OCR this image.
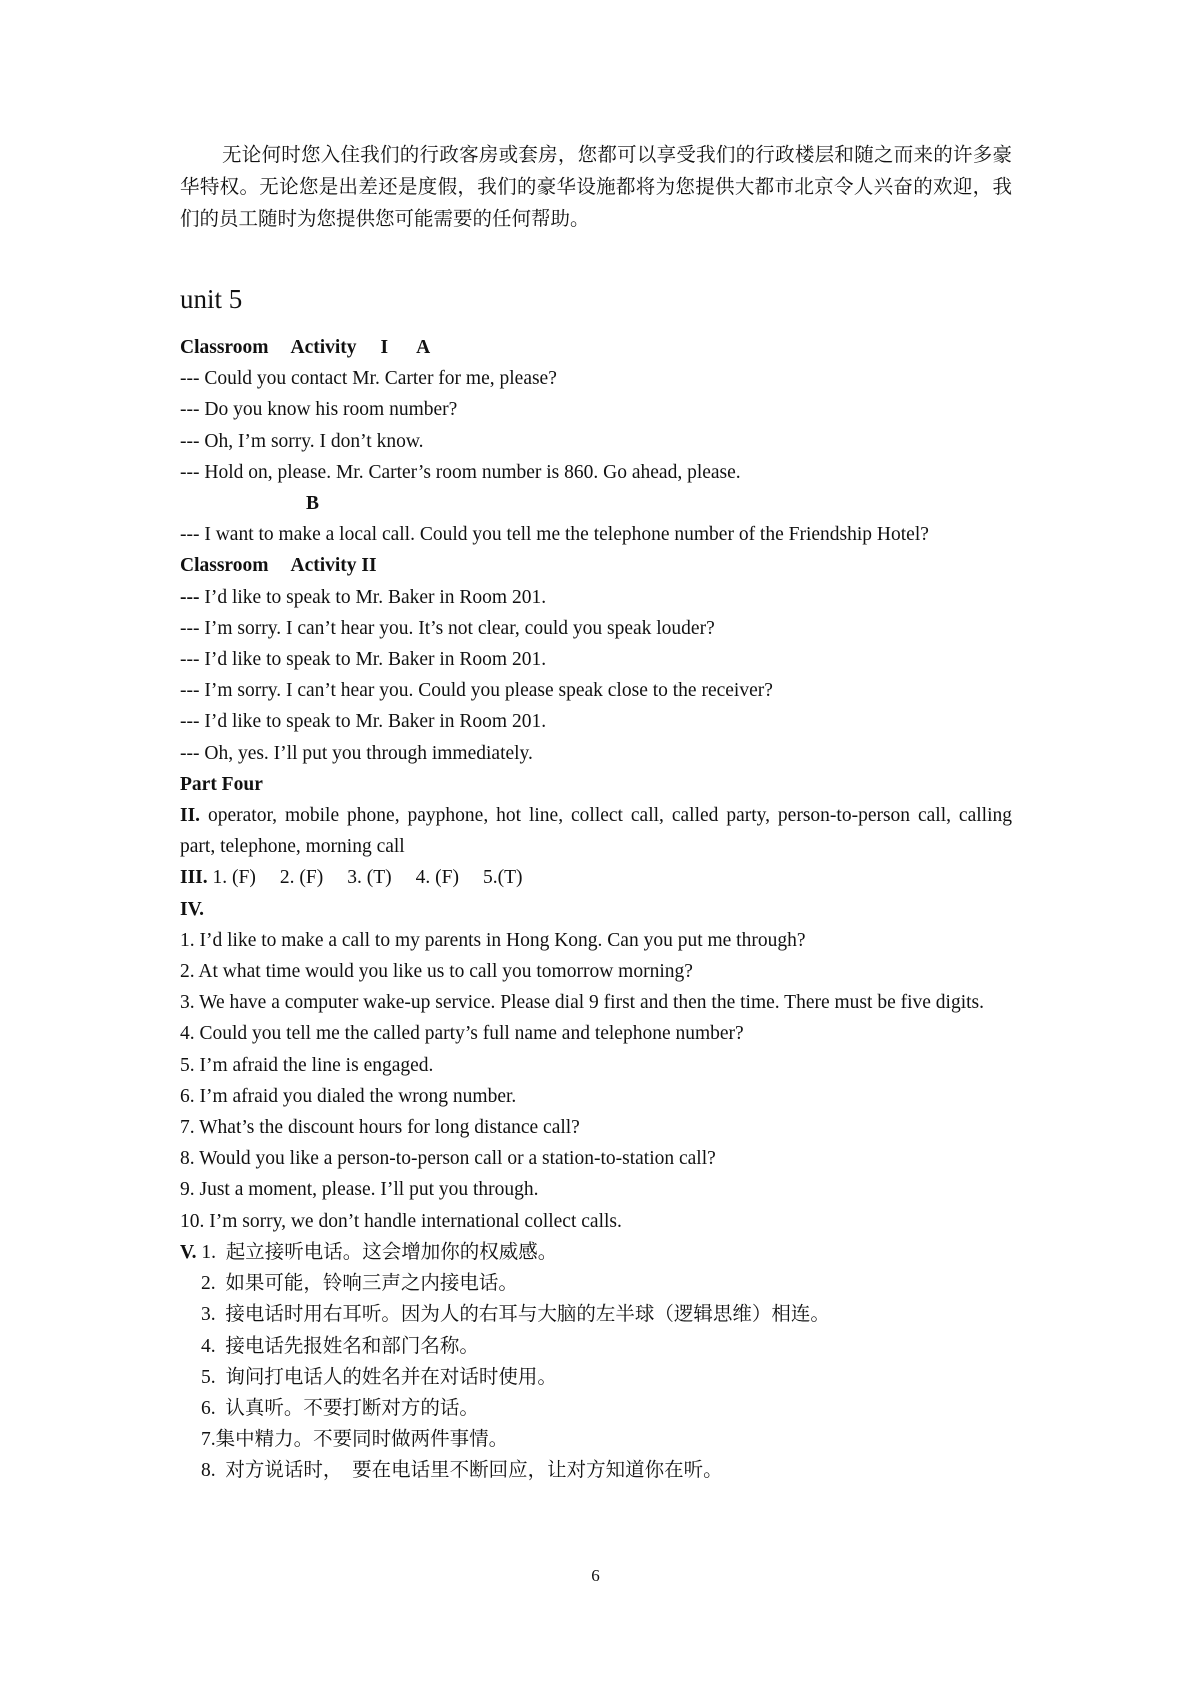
无论何时您入住我们的行政客房或套房，您都可以享受我们的行政楼层和随之而来的许多豪华特权。无论您是出差还是度假，我们的豪华设施都将为您提供大都市北京令人兴奋的欢迎，我们的员工随时为您提供您可能需要的任何帮助。

unit 5
Classroom Activity I A
--- Could you contact Mr. Carter for me, please?
--- Do you know his room number?
--- Oh, I’m sorry. I don’t know.
--- Hold on, please. Mr. Carter’s room number is 860. Go ahead, please.
B
--- I want to make a local call. Could you tell me the telephone number of the Friendship Hotel?
Classroom Activity II
--- I’d like to speak to Mr. Baker in Room 201.
--- I’m sorry. I can’t hear you. It’s not clear, could you speak louder?
--- I’d like to speak to Mr. Baker in Room 201.
--- I’m sorry. I can’t hear you. Could you please speak close to the receiver?
--- I’d like to speak to Mr. Baker in Room 201.
--- Oh, yes. I’ll put you through immediately.
Part Four
II. operator, mobile phone, payphone, hot line, collect call, called party, person-to-person call, calling part, telephone, morning call
III. 1. (F) 2. (F) 3. (T) 4. (F) 5.(T)
IV.
1. I’d like to make a call to my parents in Hong Kong. Can you put me through?
2. At what time would you like us to call you tomorrow morning?
3. We have a computer wake-up service. Please dial 9 first and then the time. There must be five digits.
4. Could you tell me the called party’s full name and telephone number?
5. I’m afraid the line is engaged.
6. I’m afraid you dialed the wrong number.
7. What’s the discount hours for long distance call?
8. Would you like a person-to-person call or a station-to-station call?
9. Just a moment, please. I’ll put you through.
10. I’m sorry, we don’t handle international collect calls.
V. 1.  起立接听电话。这会增加你的权威感。
2.  如果可能，铃响三声之内接电话。
3.  接电话时用右耳听。因为人的右耳与大脑的左半球（逻辑思维）相连。
4.  接电话先报姓名和部门名称。
5.  询问打电话人的姓名并在对话时使用。
6.  认真听。不要打断对方的话。
7.集中精力。不要同时做两件事情。
8.  对方说话时，  要在电话里不断回应，让对方知道你在听。
6
